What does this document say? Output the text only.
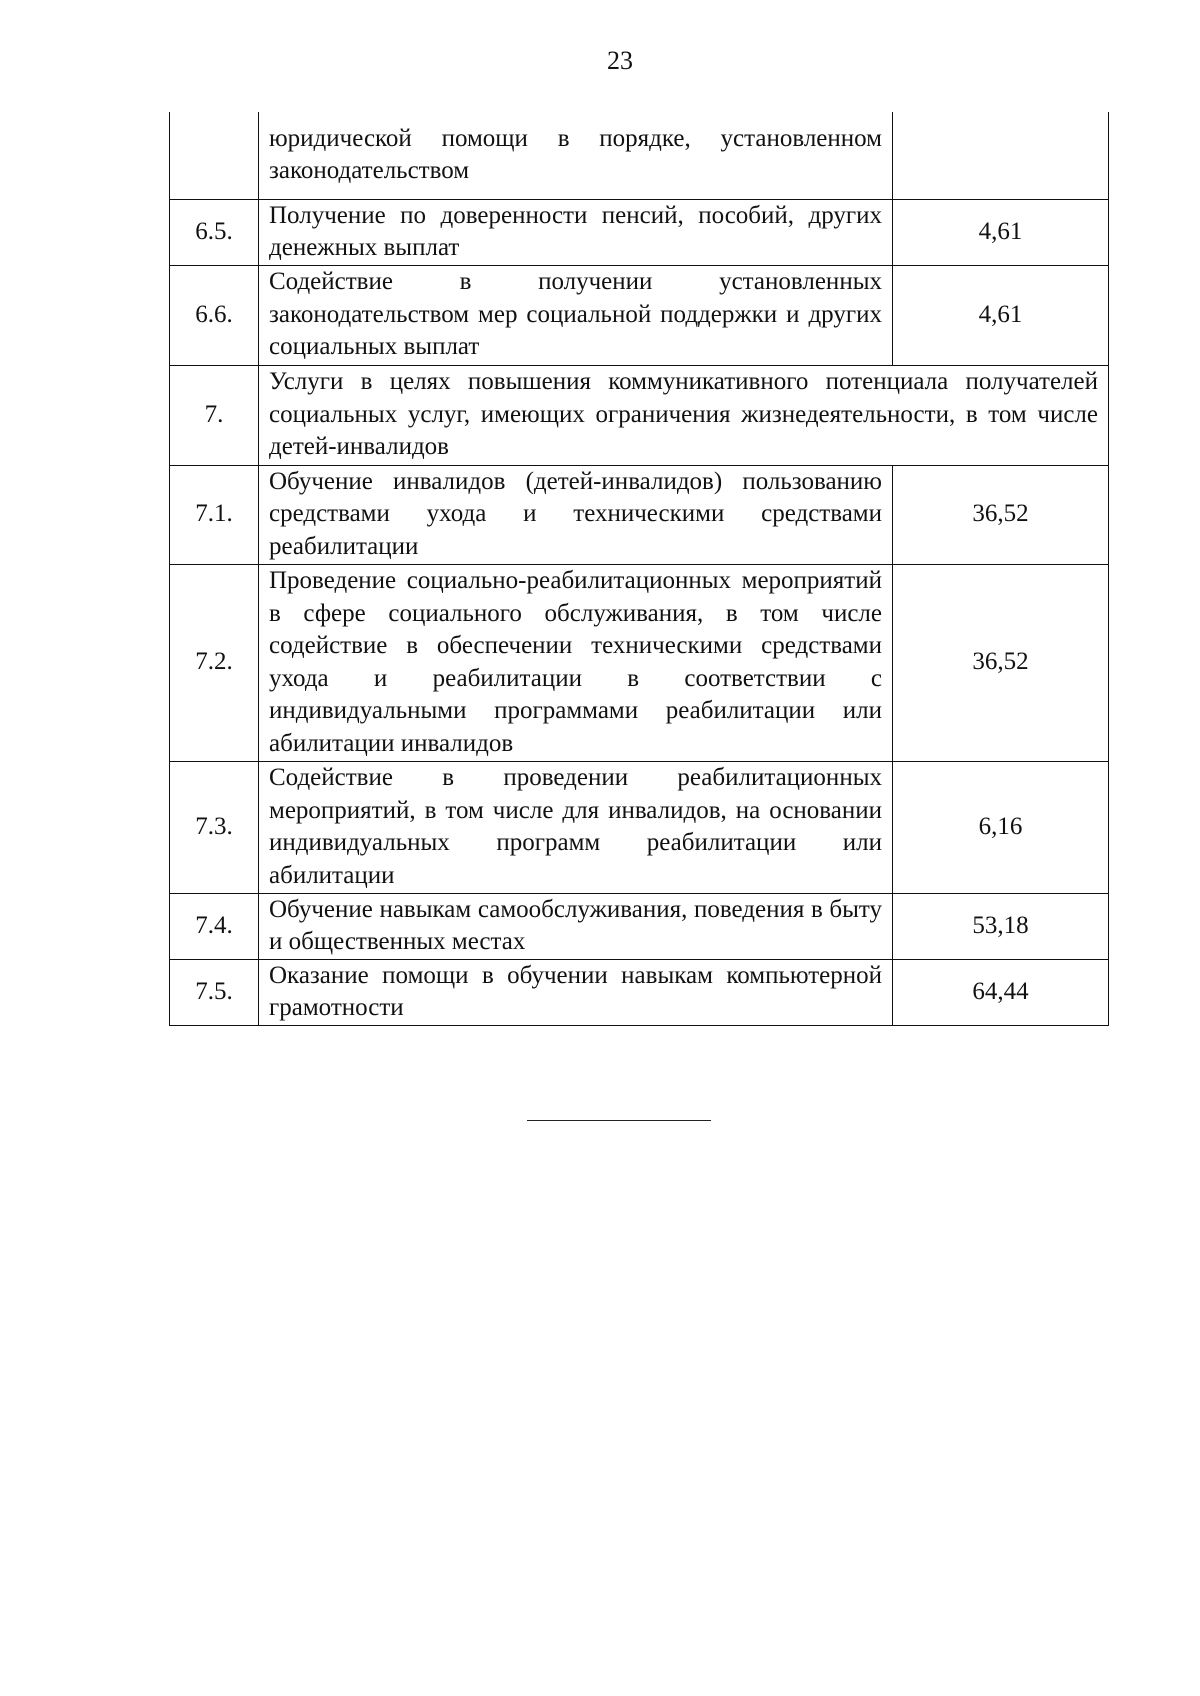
23
	юридической помощи в порядке, установленном законодательством	
6.5.	Получение по доверенности пенсий, пособий, других денежных выплат	4,61
6.6.	Содействие в получении установленных законодательством мер социальной поддержки и других социальных выплат	4,61
7.	Услуги в целях повышения коммуникативного потенциала получателей социальных услуг, имеющих ограничения жизнедеятельности, в том числе детей-инвалидов	
7.1.	Обучение инвалидов (детей-инвалидов) пользованию средствами ухода и техническими средствами реабилитации	36,52
7.2.	Проведение социально-реабилитационных мероприятий в сфере социального обслуживания, в том числе содействие в обеспечении техническими средствами ухода и реабилитации в соответствии с индивидуальными программами реабилитации или абилитации инвалидов	36,52
7.3.	Содействие в проведении реабилитационных мероприятий, в том числе для инвалидов, на основании индивидуальных программ реабилитации или абилитации	6,16
7.4.	Обучение навыкам самообслуживания, поведения в быту и общественных местах	53,18
7.5.	Оказание помощи в обучении навыкам компьютерной грамотности	64,44
